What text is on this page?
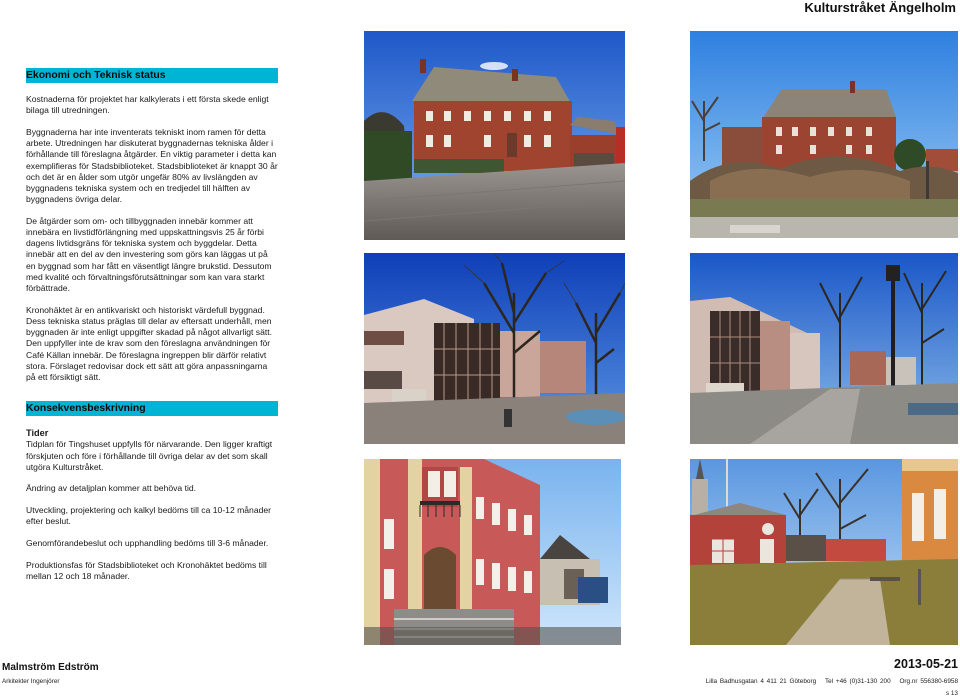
Kulturstråket Ängelholm
Ekonomi och Teknisk status

Kostnaderna för projektet har kalkylerats i ett första skede enligt bilaga till utredningen.

Byggnaderna har inte inventerats tekniskt inom ramen för detta arbete. Utredningen har diskuterat byggnadernas tekniska ålder i förhållande till föreslagna åtgärder. En viktig parameter i detta kan exemplifieras för Stadsbiblioteket. Stadsbiblioteket är knappt 30 år och det är en ålder som utgör ungefär 80% av livslängden av byggnadens tekniska system och en tredjedel till hälften av byggnadens övriga delar.

De åtgärder som om- och tillbyggnaden innebär kommer att innebära en livstidförlängning med uppskattningsvis 25 år förbi dagens livtidsgräns för tekniska system och byggdelar. Detta innebär att en del av den investering som görs kan läggas ut på en byggnad som har fått en väsentligt längre brukstid. Dessutom med kvalité och förvaltningsförutsättningar som kan vara starkt förbättrade.

Kronohäktet är en antikvariskt och historiskt värdefull byggnad. Dess tekniska status präglas till delar av eftersatt underhåll, men byggnaden är inte enligt uppgifter skadad på något allvarligt sätt. Den uppfyller inte de krav som den föreslagna användningen för Café Källan innebär. De föreslagna ingreppen blir därför relativt stora. Förslaget redovisar dock ett sätt att göra anpassningarna på ett försiktigt sätt.

Konsekvensbeskrivning
Tider

Tidplan för Tingshuset uppfylls för närvarande. Den ligger kraftigt förskjuten och före i förhållande till övriga delar av det som skall utgöra Kulturstråket.

Ändring av detaljplan kommer att behöva tid.

Utveckling, projektering och kalkyl bedöms till ca 10-12 månader efter beslut.

Genomförandebeslut och upphandling bedöms till 3-6 månader.

Produktionsfas för Stadsbiblioteket och Kronohäktet bedöms till mellan 12 och 18 månader.

Malmström Edström
Arkitekter Ingenjörer
2013-05-21
Lilla Badhusgatan 4 411 21 Göteborg Tel +46 (0)31-130 200 Org.nr 556380-6958
s 13
